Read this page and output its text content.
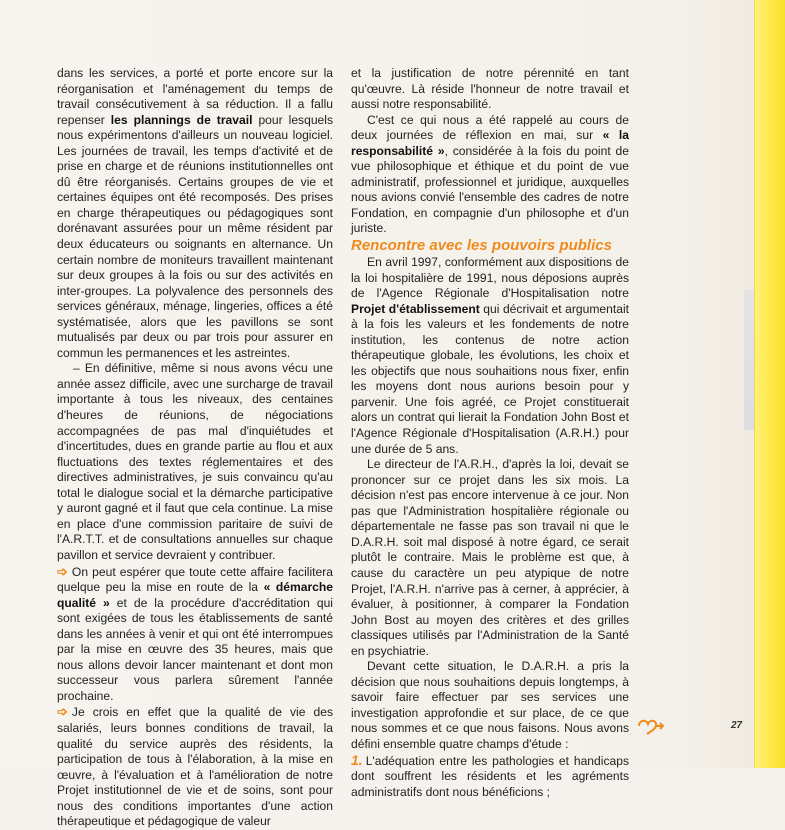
dans les services, a porté et porte encore sur la réorganisation et l'aménagement du temps de travail consécutivement à sa réduction. Il a fallu repenser les plannings de travail pour lesquels nous expérimentons d'ailleurs un nouveau logiciel. Les journées de travail, les temps d'activité et de prise en charge et de réunions institutionnelles ont dû être réorganisés. Certains groupes de vie et certaines équipes ont été recomposés. Des prises en charge thérapeutiques ou pédagogiques sont dorénavant assurées pour un même résident par deux éducateurs ou soignants en alternance. Un certain nombre de moniteurs travaillent maintenant sur deux groupes à la fois ou sur des activités en inter-groupes. La polyvalence des personnels des services généraux, ménage, lingeries, offices a été systématisée, alors que les pavillons se sont mutualisés par deux ou par trois pour assurer en commun les permanences et les astreintes.

– En définitive, même si nous avons vécu une année assez difficile, avec une surcharge de travail importante à tous les niveaux, des centaines d'heures de réunions, de négociations accompagnées de pas mal d'inquiétudes et d'incertitudes, dues en grande partie au flou et aux fluctuations des textes réglementaires et des directives administratives, je suis convaincu qu'au total le dialogue social et la démarche participative y auront gagné et il faut que cela continue. La mise en place d'une commission paritaire de suivi de l'A.R.T.T. et de consultations annuelles sur chaque pavillon et service devraient y contribuer.

➩ On peut espérer que toute cette affaire facilitera quelque peu la mise en route de la « démarche qualité » et de la procédure d'accréditation qui sont exigées de tous les établissements de santé dans les années à venir et qui ont été interrompues par la mise en œuvre des 35 heures, mais que nous allons devoir lancer maintenant et dont mon successeur vous parlera sûrement l'année prochaine.

➩ Je crois en effet que la qualité de vie des salariés, leurs bonnes conditions de travail, la qualité du service auprès des résidents, la participation de tous à l'élaboration, à la mise en œuvre, à l'évaluation et à l'amélioration de notre Projet institutionnel de vie et de soins, sont pour nous des conditions importantes d'une action thérapeutique et pédagogique de valeur

et la justification de notre pérennité en tant qu'œuvre. Là réside l'honneur de notre travail et aussi notre responsabilité.

C'est ce qui nous a été rappelé au cours de deux journées de réflexion en mai, sur « la responsabilité », considérée à la fois du point de vue philosophique et éthique et du point de vue administratif, professionnel et juridique, auxquelles nous avions convié l'ensemble des cadres de notre Fondation, en compagnie d'un philosophe et d'un juriste.

Rencontre avec les pouvoirs publics

En avril 1997, conformément aux dispositions de la loi hospitalière de 1991, nous déposions auprès de l'Agence Régionale d'Hospitalisation notre Projet d'établissement qui décrivait et argumentait à la fois les valeurs et les fondements de notre institution, les contenus de notre action thérapeutique globale, les évolutions, les choix et les objectifs que nous souhaitions nous fixer, enfin les moyens dont nous aurions besoin pour y parvenir. Une fois agréé, ce Projet constituerait alors un contrat qui lierait la Fondation John Bost et l'Agence Régionale d'Hospitalisation (A.R.H.) pour une durée de 5 ans.

Le directeur de l'A.R.H., d'après la loi, devait se prononcer sur ce projet dans les six mois. La décision n'est pas encore intervenue à ce jour. Non pas que l'Administration hospitalière régionale ou départementale ne fasse pas son travail ni que le D.A.R.H. soit mal disposé à notre égard, ce serait plutôt le contraire. Mais le problème est que, à cause du caractère un peu atypique de notre Projet, l'A.R.H. n'arrive pas à cerner, à apprécier, à évaluer, à positionner, à comparer la Fondation John Bost au moyen des critères et des grilles classiques utilisés par l'Administration de la Santé en psychiatrie.

Devant cette situation, le D.A.R.H. a pris la décision que nous souhaitions depuis longtemps, à savoir faire effectuer par ses services une investigation approfondie et sur place, de ce que nous sommes et ce que nous faisons. Nous avons défini ensemble quatre champs d'étude :

1. L'adéquation entre les pathologies et handicaps dont souffrent les résidents et les agréments administratifs dont nous bénéficions ;

27
